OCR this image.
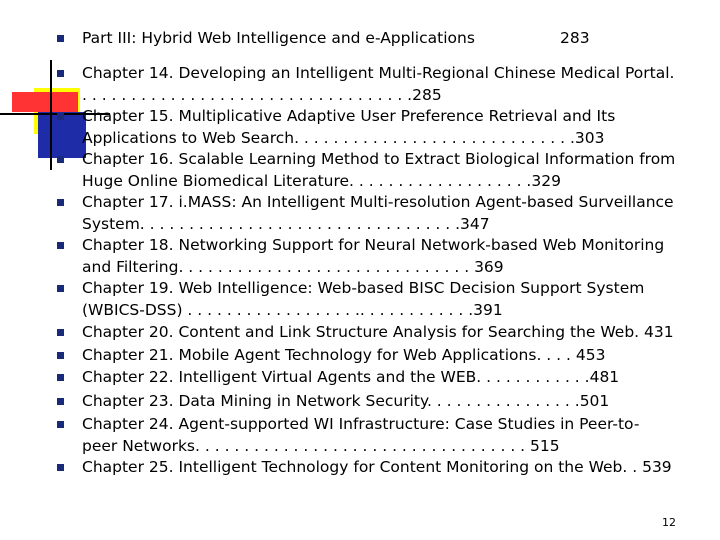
Part III: Hybrid Web Intelligence and e-Applications	283
Chapter 14. Developing an Intelligent Multi-Regional Chinese Medical Portal.
. . . . . . . . . . . . . . . . . . . . . . . . . . . . . . . . . .285
Chapter 15. Multiplicative Adaptive User Preference Retrieval and Its
Applications to Web Search. . . . . . . . . . . . . . . . . . . . . . . . . . . . .303
Chapter 16. Scalable Learning Method to Extract Biological Information from
Huge Online Biomedical Literature. . . . . . . . . . . . . . . . . . .329
Chapter 17. i.MASS: An Intelligent Multi-resolution Agent-based Surveillance
System. . . . . . . . . . . . . . . . . . . . . . . . . . . . . . . . .347
Chapter 18. Networking Support for Neural Network-based Web Monitoring
and Filtering. . . . . . . . . . . . . . . . . . . . . . . . . . . . . . 369
Chapter 19. Web Intelligence: Web-based BISC Decision Support System
(WBICS-DSS) . . . . . . . . . . . . . . . . . .. . . . . . . . . . . .391
Chapter 20. Content and Link Structure Analysis for Searching the Web. 431
Chapter 21. Mobile Agent Technology for Web Applications. . . . 453
Chapter 22. Intelligent Virtual Agents and the WEB. . . . . . . . . . . .481
Chapter 23. Data Mining in Network Security. . . . . . . . . . . . . . . .501
Chapter 24. Agent-supported WI Infrastructure: Case Studies in Peer-to-
peer Networks. . . . . . . . . . . . . . . . . . . . . . . . . . . . . . . . . . 515
Chapter 25. Intelligent Technology for Content Monitoring on the Web. . 539
12
